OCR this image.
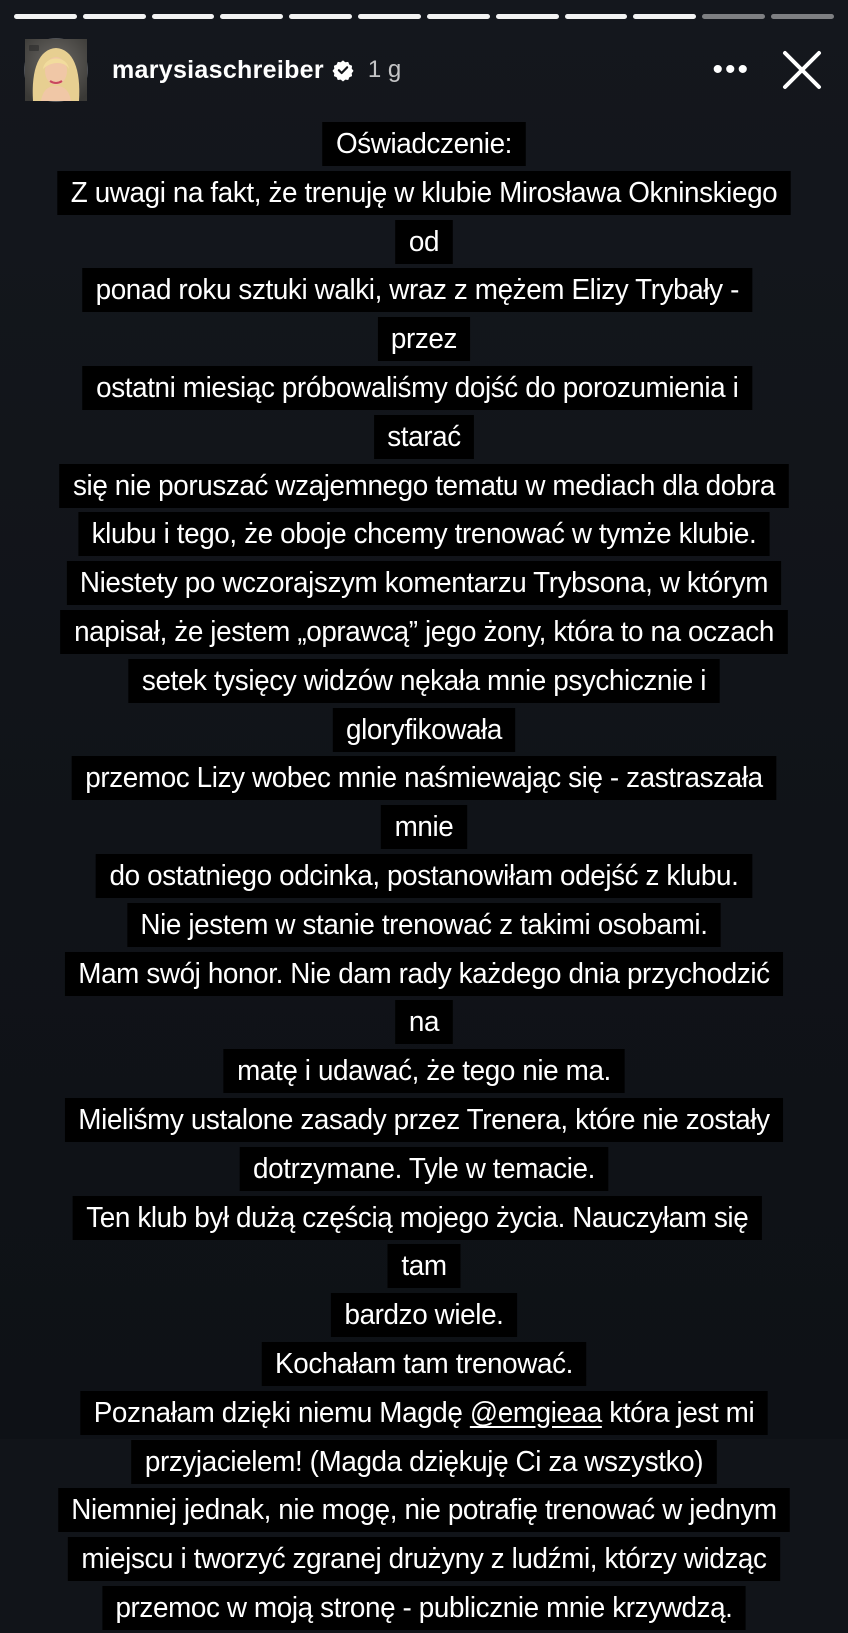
marysiaschreiber 1 g	•••
Oświadczenie:
Z uwagi na fakt, że trenuję w klubie Mirosława Okninskiego od
ponad roku sztuki walki, wraz z mężem Elizy Trybały - przez
ostatni miesiąc próbowaliśmy dojść do porozumienia i starać
się nie poruszać wzajemnego tematu w mediach dla dobra
klubu i tego, że oboje chcemy trenować w tymże klubie.
Niestety po wczorajszym komentarzu Trybsona, w którym
napisał, że jestem „oprawcą” jego żony, która to na oczach
setek tysięcy widzów nękała mnie psychicznie i gloryfikowała
przemoc Lizy wobec mnie naśmiewając się - zastraszała mnie
do ostatniego odcinka, postanowiłam odejść z klubu.
Nie jestem w stanie trenować z takimi osobami.
Mam swój honor. Nie dam rady każdego dnia przychodzić na
matę i udawać, że tego nie ma.
Mieliśmy ustalone zasady przez Trenera, które nie zostały
dotrzymane. Tyle w temacie.
Ten klub był dużą częścią mojego życia. Nauczyłam się tam
bardzo wiele.
Kochałam tam trenować.
Poznałam dzięki niemu Magdę @emgieaa która jest mi
przyjacielem! (Magda dziękuję Ci za wszystko)
Niemniej jednak, nie mogę, nie potrafię trenować w jednym
miejscu i tworzyć zgranej drużyny z ludźmi, którzy widząc
przemoc w moją stronę - publicznie mnie krzywdzą.
